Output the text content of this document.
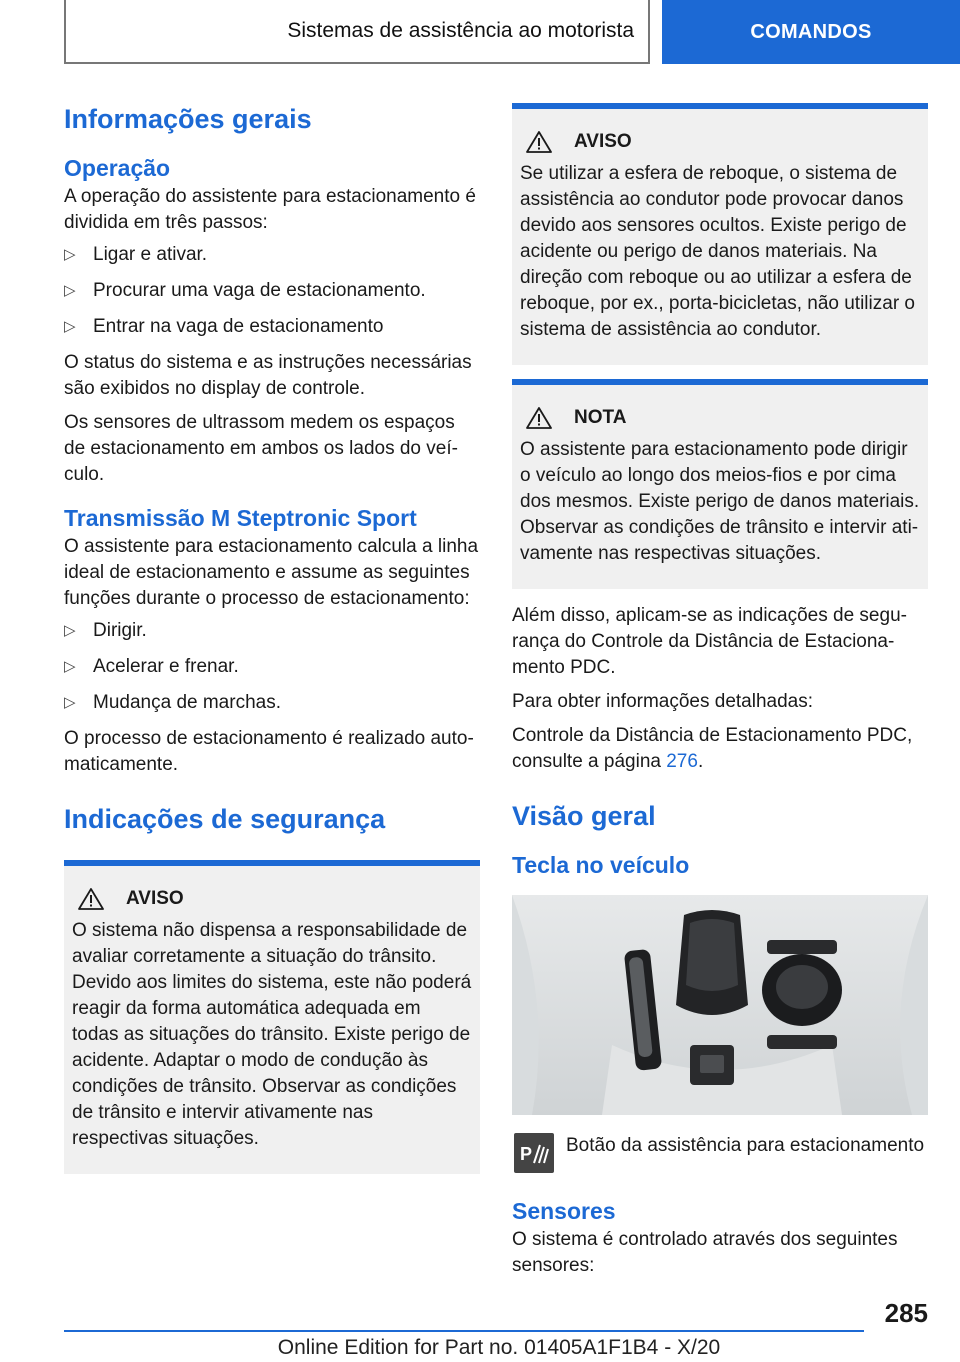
Sistemas de assistência ao motorista	COMANDOS
Informações gerais
Operação

A operação do assistente para estacionamento é dividida em três passos:

▷ Ligar e ativar.
▷ Procurar uma vaga de estacionamento.
▷ Entrar na vaga de estacionamento

O status do sistema e as instruções necessárias são exibidos no display de controle.

Os sensores de ultrassom medem os espaços de estacionamento em ambos os lados do veículo.

Transmissão M Steptronic Sport

O assistente para estacionamento calcula a linha ideal de estacionamento e assume as seguintes funções durante o processo de estacionamento:

▷ Dirigir.
▷ Acelerar e frenar.
▷ Mudança de marchas.

O processo de estacionamento é realizado automaticamente.

Indicações de segurança
AVISO

O sistema não dispensa a responsabilidade de avaliar corretamente a situação do trânsito. Devido aos limites do sistema, este não poderá reagir da forma automática adequada em todas as situações do trânsito. Existe perigo de acidente. Adaptar o modo de condução às condições de trânsito. Observar as condições de trânsito e intervir ativamente nas respectivas situações.

AVISO

Se utilizar a esfera de reboque, o sistema de assistência ao condutor pode provocar danos devido aos sensores ocultos. Existe perigo de acidente ou perigo de danos materiais. Na direção com reboque ou ao utilizar a esfera de reboque, por ex., porta-bicicletas, não utilizar o sistema de assistência ao condutor.

NOTA

O assistente para estacionamento pode dirigir o veículo ao longo dos meios-fios e por cima dos mesmos. Existe perigo de danos materiais. Observar as condições de trânsito e intervir ativamente nas respectivas situações.

Além disso, aplicam-se as indicações de segurança do Controle da Distância de Estacionamento PDC.

Para obter informações detalhadas:

Controle da Distância de Estacionamento PDC, consulte a página 276.

Visão geral
Tecla no veículo
P Botão da assistência para estacionamento

Sensores

O sistema é controlado através dos seguintes sensores:

285
Online Edition for Part no. 01405A1F1B4 - X/20
